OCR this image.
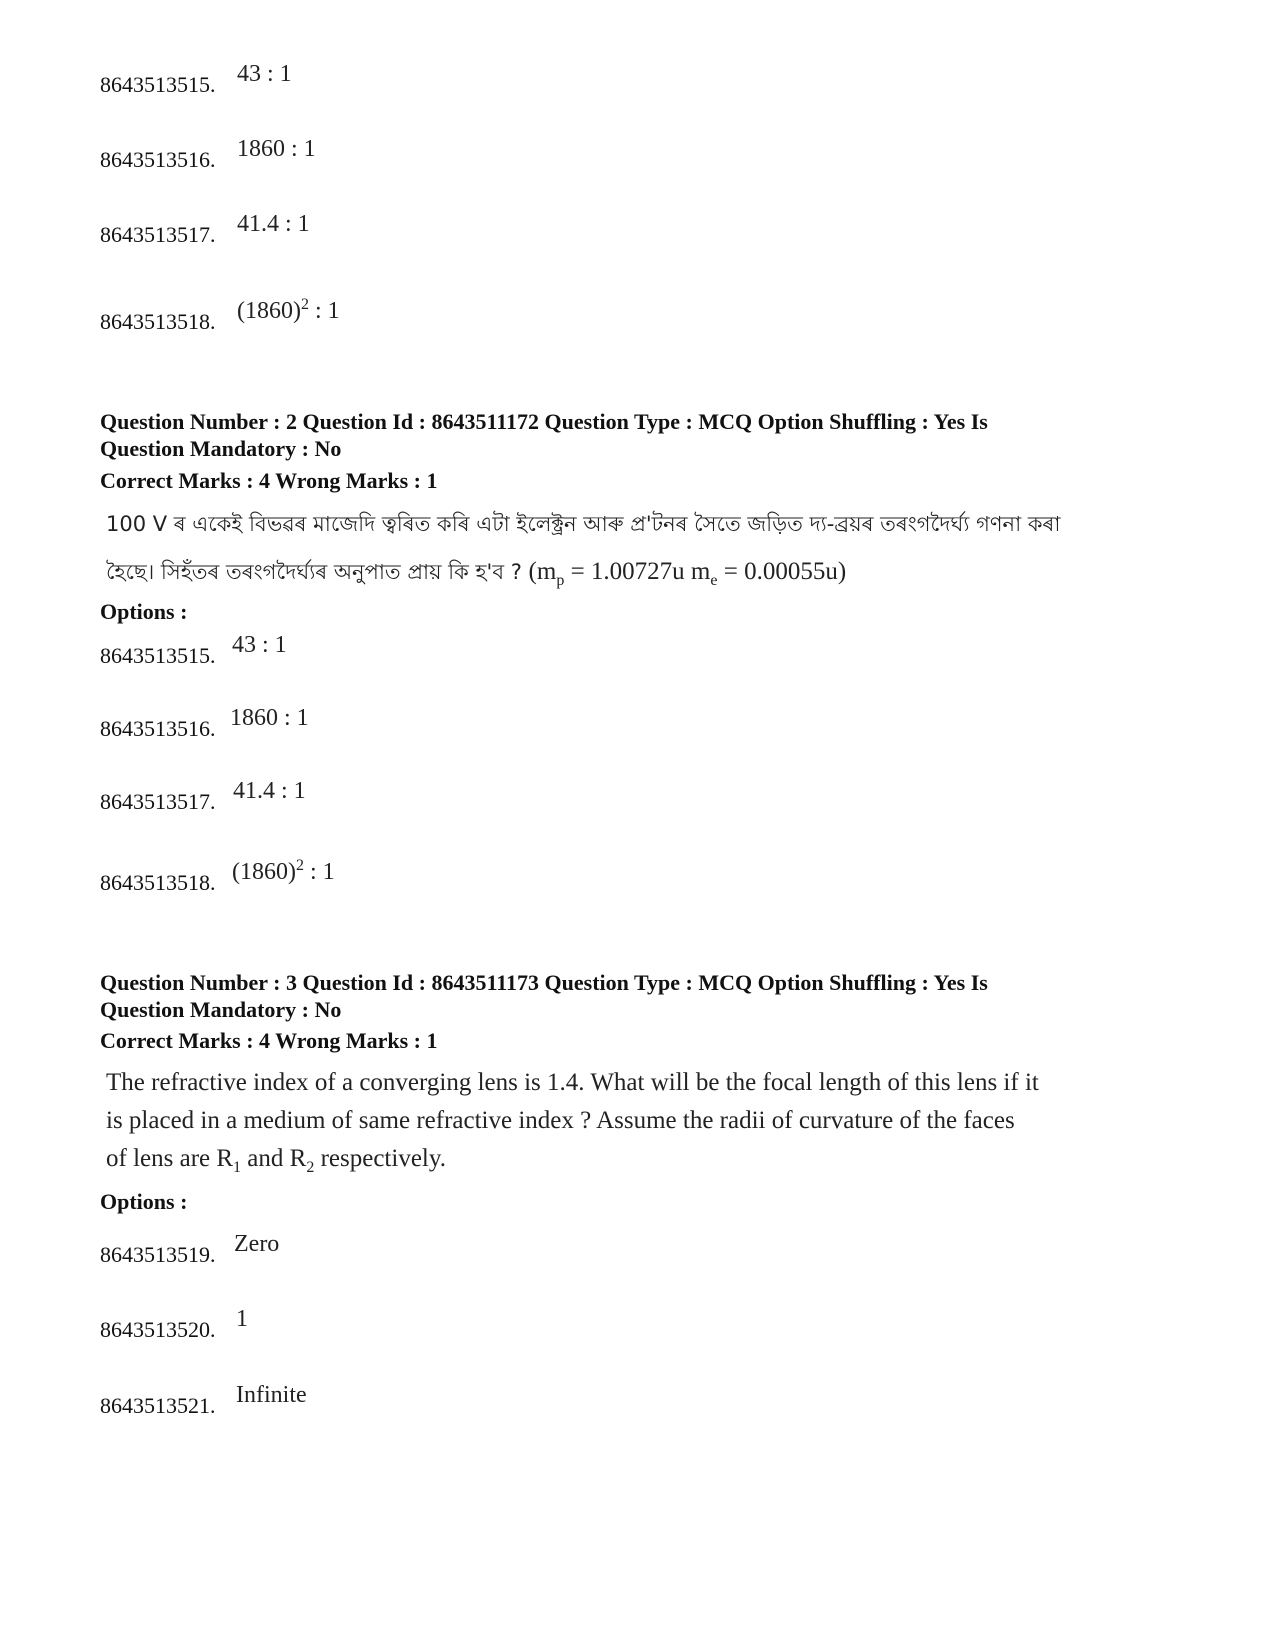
8643513515. 43 : 1
8643513516. 1860 : 1
8643513517. 41.4 : 1
8643513518. $(1860)^2$ : 1
Question Number : 2 Question Id : 8643511172 Question Type : MCQ Option Shuffling : Yes Is
Question Mandatory : No
Correct Marks : 4 Wrong Marks : 1
100 V ৰ একেই বিভৱৰ মাজেদি ত্বৰিত কৰি এটা ইলেক্ট্ৰন আৰু প্ৰ'টনৰ সৈতে জড়িত দ্য-ব্ৰয়ৰ তৰংগদৈৰ্ঘ্য গণনা কৰা
হৈছে। সিহঁতৰ তৰংগদৈৰ্ঘ্যৰ অনুপাত প্ৰায় কি হ'ব ? ($m_p = 1.00727u$ $m_e = 0.00055u$)
Options :
8643513515. 43 : 1
8643513516. 1860 : 1
8643513517. 41.4 : 1
8643513518. $(1860)^2$ : 1
Question Number : 3 Question Id : 8643511173 Question Type : MCQ Option Shuffling : Yes Is
Question Mandatory : No
Correct Marks : 4 Wrong Marks : 1
The refractive index of a converging lens is 1.4. What will be the focal length of this lens if it
is placed in a medium of same refractive index ? Assume the radii of curvature of the faces
of lens are $R_1$ and $R_2$ respectively.
Options :
8643513519. Zero
8643513520. 1
8643513521. Infinite
